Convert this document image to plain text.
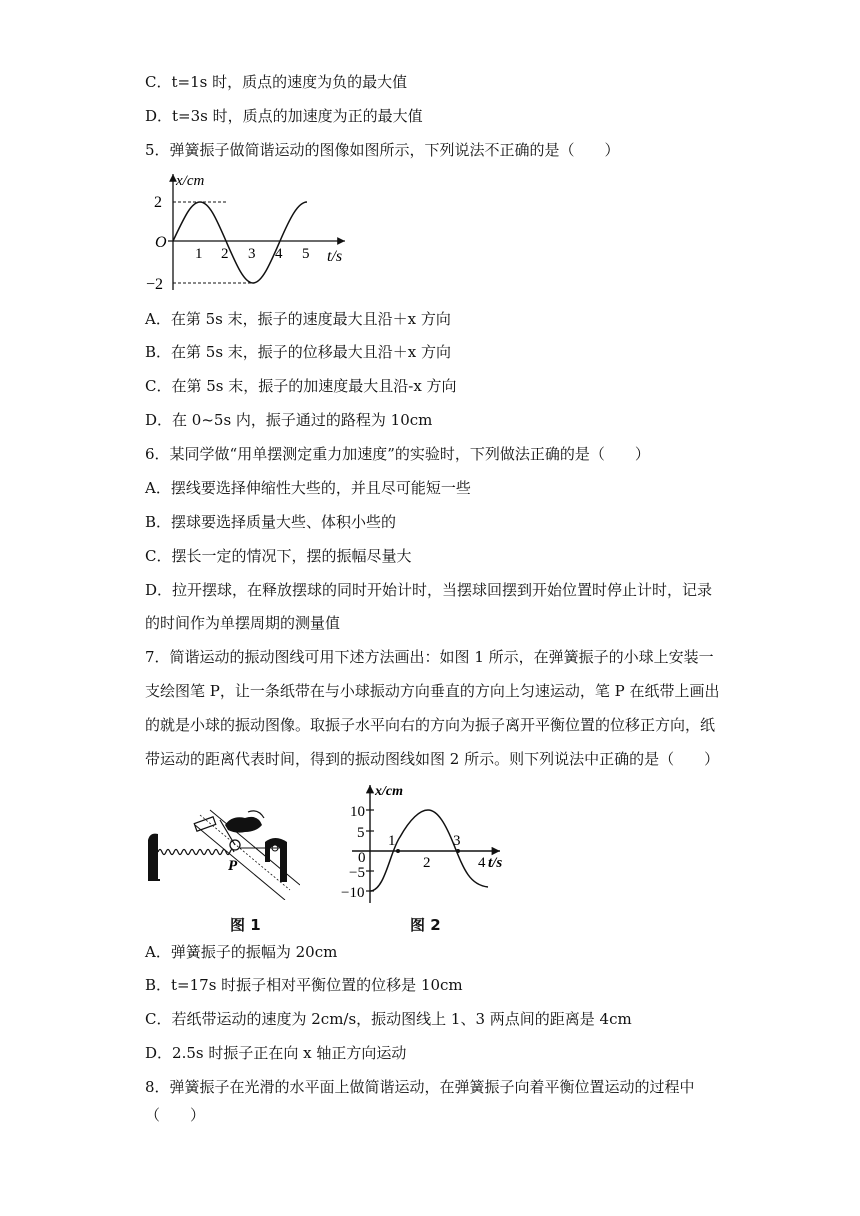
C．t=1s 时，质点的速度为负的最大值
D．t=3s 时，质点的加速度为正的最大值
5．弹簧振子做简谐运动的图像如图所示，下列说法不正确的是（　　）
x/cm
2
−2
O
1 2 3 4 5 t/s
A．在第 5s 末，振子的速度最大且沿＋x 方向
B．在第 5s 末，振子的位移最大且沿＋x 方向
C．在第 5s 末，振子的加速度最大且沿-x 方向
D．在 0~5s 内，振子通过的路程为 10cm
6．某同学做“用单摆测定重力加速度”的实验时，下列做法正确的是（　　）
A．摆线要选择伸缩性大些的，并且尽可能短一些
B．摆球要选择质量大些、体积小些的
C．摆长一定的情况下，摆的振幅尽量大
D．拉开摆球，在释放摆球的同时开始计时，当摆球回摆到开始位置时停止计时，记录
的时间作为单摆周期的测量值
7．简谐运动的振动图线可用下述方法画出：如图 1 所示，在弹簧振子的小球上安装一
支绘图笔 P，让一条纸带在与小球振动方向垂直的方向上匀速运动，笔 P 在纸带上画出
的就是小球的振动图像。取振子水平向右的方向为振子离开平衡位置的位移正方向，纸
带运动的距离代表时间，得到的振动图线如图 2 所示。则下列说法中正确的是（　　）
P
图 1
x/cm
10
5
−5
−10
0
1	3
2	4 t/s
图 2
A．弹簧振子的振幅为 20cm
B．t=17s 时振子相对平衡位置的位移是 10cm
C．若纸带运动的速度为 2cm/s，振动图线上 1、3 两点间的距离是 4cm
D．2.5s 时振子正在向 x 轴正方向运动
8．弹簧振子在光滑的水平面上做简谐运动，在弹簧振子向着平衡位置运动的过程中
（　　）
